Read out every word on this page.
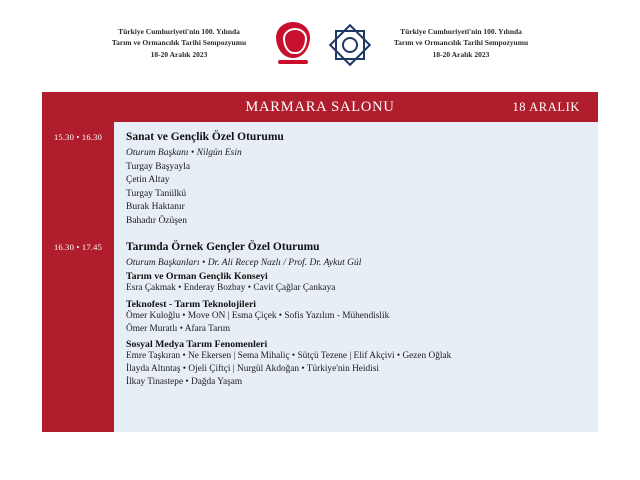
Türkiye Cumhuriyeti'nin 100. Yılında
Tarım ve Ormancılık Tarihi Sempozyumu
18-20 Aralık 2023
Türkiye Cumhuriyeti'nin 100. Yılında
Tarım ve Ormancılık Tarihi Sempozyumu
18-20 Aralık 2023
MARMARA SALONU	18 ARALIK
15.30 • 16.30	Sanat ve Gençlik Özel Oturumu
Oturum Başkanı • Nilgün Esin
Turgay Başyayla
Çetin Altay
Turgay Tanülkü
Burak Haktanır
Bahadır Özüşen
16.30 • 17.45	Tarımda Örnek Gençler Özel Oturumu
Oturum Başkanları • Dr. Ali Recep Nazlı / Prof. Dr. Aykut Gül
Tarım ve Orman Gençlik Konseyi
Esra Çakmak • Enderay Bozbay • Cavit Çağlar Çankaya
Teknofest - Tarım Teknolojileri
Ömer Kuloğlu • Move ON | Esma Çiçek • Sofis Yazılım - Mühendislik
Ömer Muratlı • Afara Tarım
Sosyal Medya Tarım Fenomenleri
Emre Taşkıran • Ne Ekersen | Sema Mihaliç • Sütçü Tezene | Elif Akçivi • Gezen Oğlak
İlayda Altıntaş • Ojeli Çiftçi | Nurgül Akdoğan • Türkiye'nin Heidisi
İlkay Tinastepe • Dağda Yaşam
